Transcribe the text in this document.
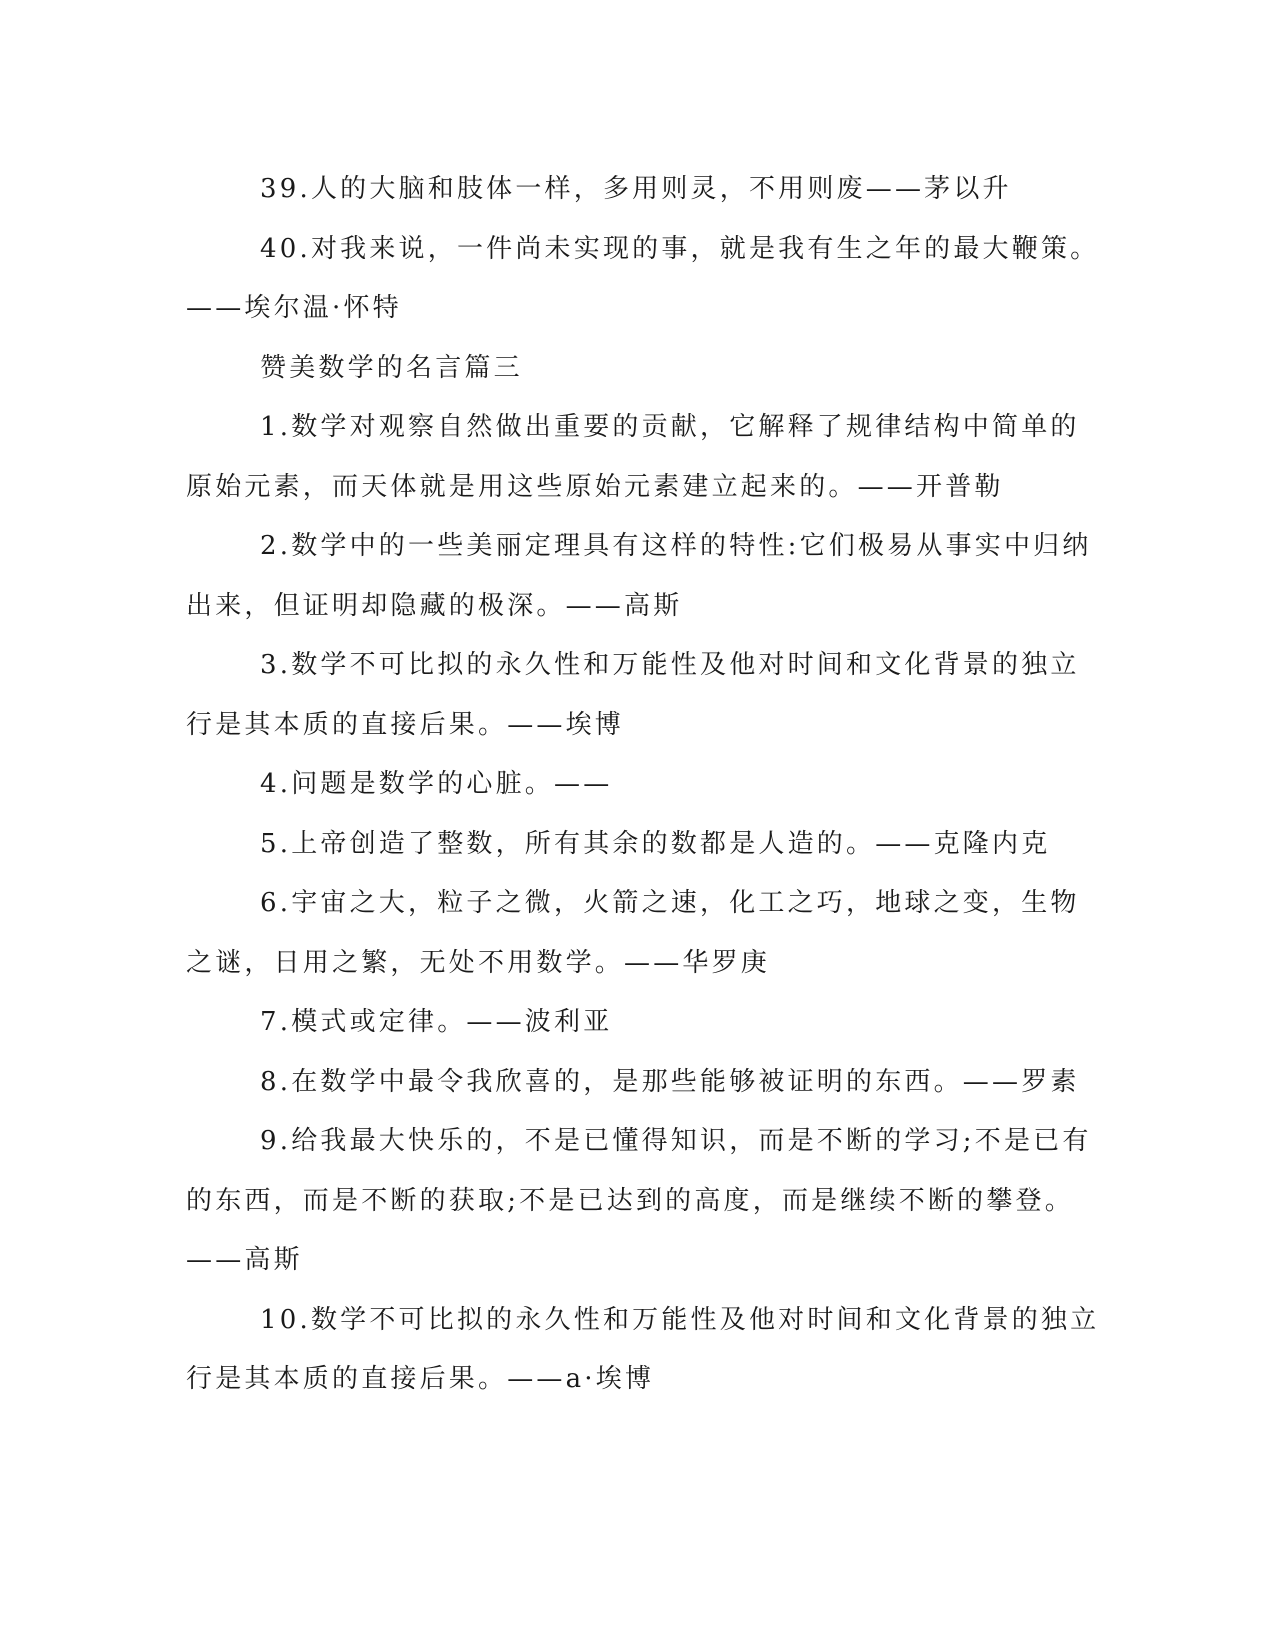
39.人的大脑和肢体一样，多用则灵，不用则废——茅以升

40.对我来说，一件尚未实现的事，就是我有生之年的最大鞭策。
——埃尔温·怀特

赞美数学的名言篇三

1.数学对观察自然做出重要的贡献，它解释了规律结构中简单的
原始元素，而天体就是用这些原始元素建立起来的。——开普勒

2.数学中的一些美丽定理具有这样的特性:它们极易从事实中归纳
出来，但证明却隐藏的极深。——高斯

3.数学不可比拟的永久性和万能性及他对时间和文化背景的独立
行是其本质的直接后果。——埃博

4.问题是数学的心脏。——

5.上帝创造了整数，所有其余的数都是人造的。——克隆内克

6.宇宙之大，粒子之微，火箭之速，化工之巧，地球之变，生物
之谜，日用之繁，无处不用数学。——华罗庚

7.模式或定律。——波利亚

8.在数学中最令我欣喜的，是那些能够被证明的东西。——罗素

9.给我最大快乐的，不是已懂得知识，而是不断的学习;不是已有
的东西，而是不断的获取;不是已达到的高度，而是继续不断的攀登。
——高斯

10.数学不可比拟的永久性和万能性及他对时间和文化背景的独立
行是其本质的直接后果。——a·埃博
